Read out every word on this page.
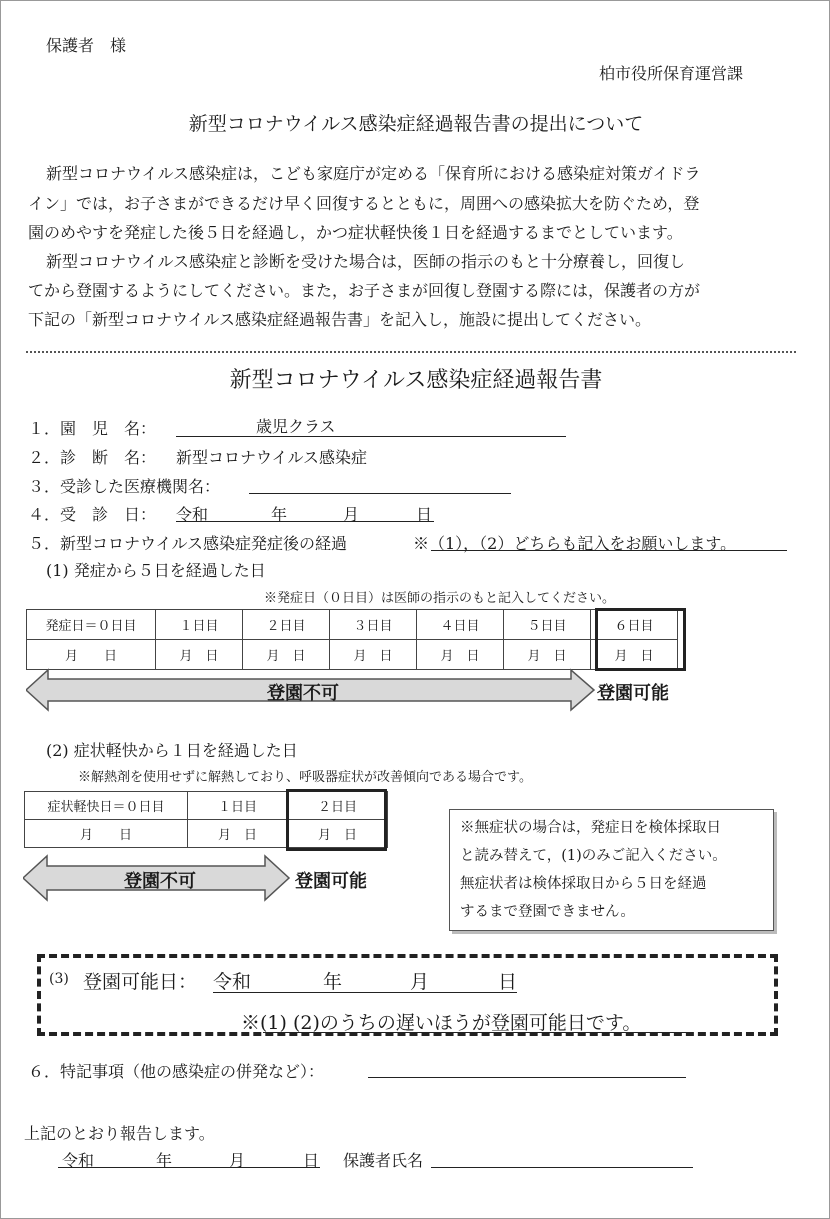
保護者　様
柏市役所保育運営課
新型コロナウイルス感染症経過報告書の提出について
新型コロナウイルス感染症は，こども家庭庁が定める「保育所における感染症対策ガイドラ
イン」では，お子さまができるだけ早く回復するとともに，周囲への感染拡大を防ぐため，登
園のめやすを発症した後５日を経過し，かつ症状軽快後１日を経過するまでとしています。
新型コロナウイルス感染症と診断を受けた場合は，医師の指示のもと十分療養し，回復し
てから登園するようにしてください。また，お子さまが回復し登園する際には，保護者の方が
下記の「新型コロナウイルス感染症経過報告書」を記入し，施設に提出してください。
新型コロナウイルス感染症経過報告書
１．園　児　名：	歳児クラス
２．診　断　名： 新型コロナウイルス感染症
３．受診した医療機関名：
４．受　診　日： 令和	年	月	日
５．新型コロナウイルス感染症発症後の経過	※（1），（2）どちらも記入をお願いします。
(1) 発症から５日を経過した日
※発症日（０日目）は医師の指示のもと記入してください。
発症日＝０日目	１日目	２日目	３日目	４日目	５日目	６日目
月　　 日	月　 日	月　 日	月　 日	月　 日	月　 日	月　 日
登園不可	登園可能
(2) 症状軽快から１日を経過した日
※解熱剤を使用せずに解熱しており、呼吸器症状が改善傾向である場合です。
症状軽快日＝０日目	１日目	２日目
月　　 日	月　 日	月　 日
登園不可	登園可能
※無症状の場合は，発症日を検体採取日
と読み替えて，(1)のみご記入ください。
無症状者は検体採取日から５日を経過
するまで登園できません。
(3) 登園可能日： 令和	年	月	日
※(1) (2)のうちの遅いほうが登園可能日です。
６．特記事項（他の感染症の併発など）：
上記のとおり報告します。
令和	年	月	日 保護者氏名
